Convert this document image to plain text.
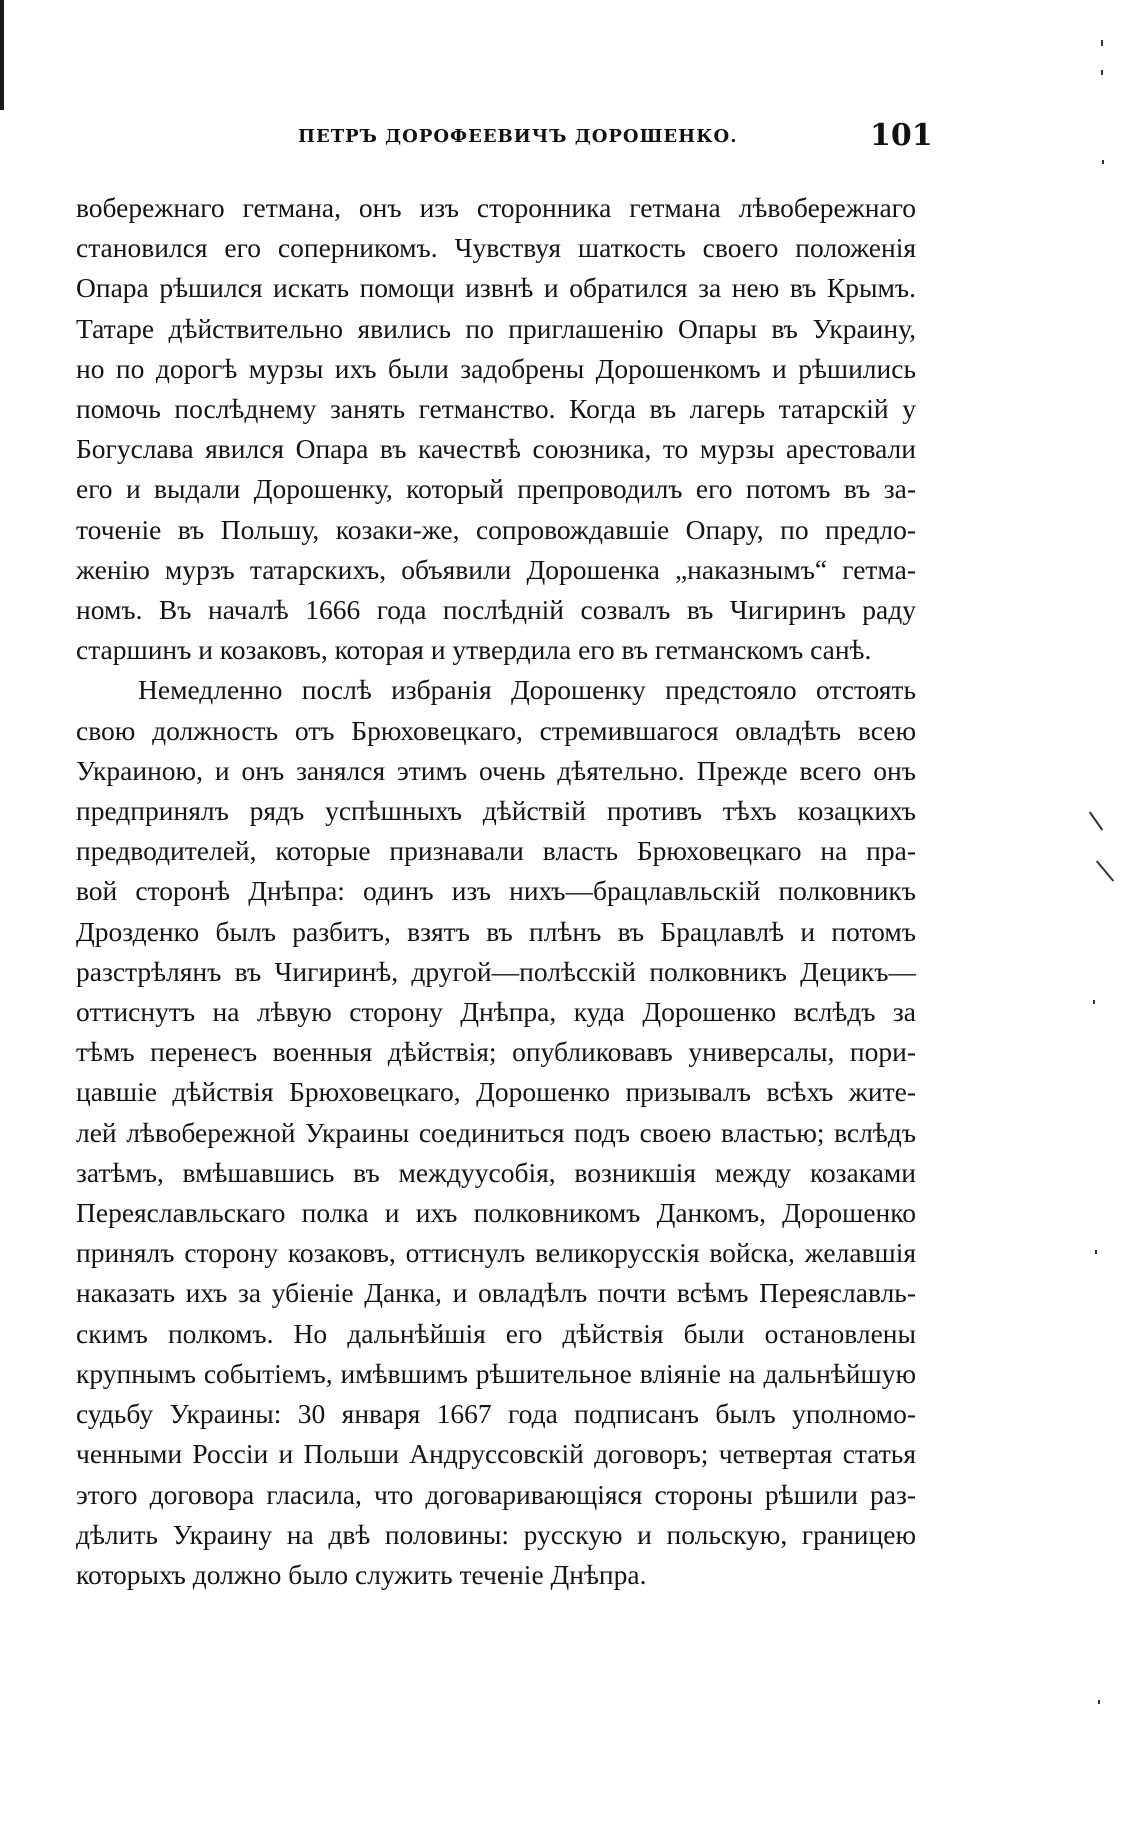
ПЕТРЪ ДОРОФЕЕВИЧЪ ДОРОШЕНКО.	101
вобережнаго гетмана, онъ изъ сторонника гетмана лѣвобережнаго
становился его соперникомъ. Чувствуя шаткость своего положенія
Опара рѣшился искать помощи извнѣ и обратился за нею въ Крымъ.
Татаре дѣйствительно явились по приглашенію Опары въ Украину,
но по дорогѣ мурзы ихъ были задобрены Дорошенкомъ и рѣшились
помочь послѣднему занять гетманство. Когда въ лагерь татарскій у
Богуслава явился Опара въ качествѣ союзника, то мурзы арестовали
его и выдали Дорошенку, который препроводилъ его потомъ въ за-
точеніе въ Польшу, козаки-же, сопровождавшіе Опару, по предло-
женію мурзъ татарскихъ, объявили Дорошенка „наказнымъ“ гетма-
номъ. Въ началѣ 1666 года послѣдній созвалъ въ Чигиринъ раду
старшинъ и козаковъ, которая и утвердила его въ гетманскомъ санѣ.
Немедленно послѣ избранія Дорошенку предстояло отстоять
свою должность отъ Брюховецкаго, стремившагося овладѣть всею
Украиною, и онъ занялся этимъ очень дѣятельно. Прежде всего онъ
предпринялъ рядъ успѣшныхъ дѣйствій противъ тѣхъ козацкихъ
предводителей, которые признавали власть Брюховецкаго на пра-
вой сторонѣ Днѣпра: одинъ изъ нихъ—брацлавльскій полковникъ
Дрозденко былъ разбитъ, взятъ въ плѣнъ въ Брацлавлѣ и потомъ
разстрѣлянъ въ Чигиринѣ, другой—полѣсскій полковникъ Децикъ—
оттиснутъ на лѣвую сторону Днѣпра, куда Дорошенко вслѣдъ за
тѣмъ перенесъ военныя дѣйствія; опубликовавъ универсалы, пори-
цавшіе дѣйствія Брюховецкаго, Дорошенко призывалъ всѣхъ жите-
лей лѣвобережной Украины соединиться подъ своею властью; вслѣдъ
затѣмъ, вмѣшавшись въ междуусобія, возникшія между козаками
Переяславльскаго полка и ихъ полковникомъ Данкомъ, Дорошенко
принялъ сторону козаковъ, оттиснулъ великорусскія войска, желавшія
наказать ихъ за убіеніе Данка, и овладѣлъ почти всѣмъ Переяславль-
скимъ полкомъ. Но дальнѣйшія его дѣйствія были остановлены
крупнымъ событіемъ, имѣвшимъ рѣшительное вліяніе на дальнѣйшую
судьбу Украины: 30 января 1667 года подписанъ былъ уполномо-
ченными Россіи и Польши Андруссовскій договоръ; четвертая статья
этого договора гласила, что договаривающіяся стороны рѣшили раз-
дѣлить Украину на двѣ половины: русскую и польскую, границею
которыхъ должно было служить теченіе Днѣпра.
